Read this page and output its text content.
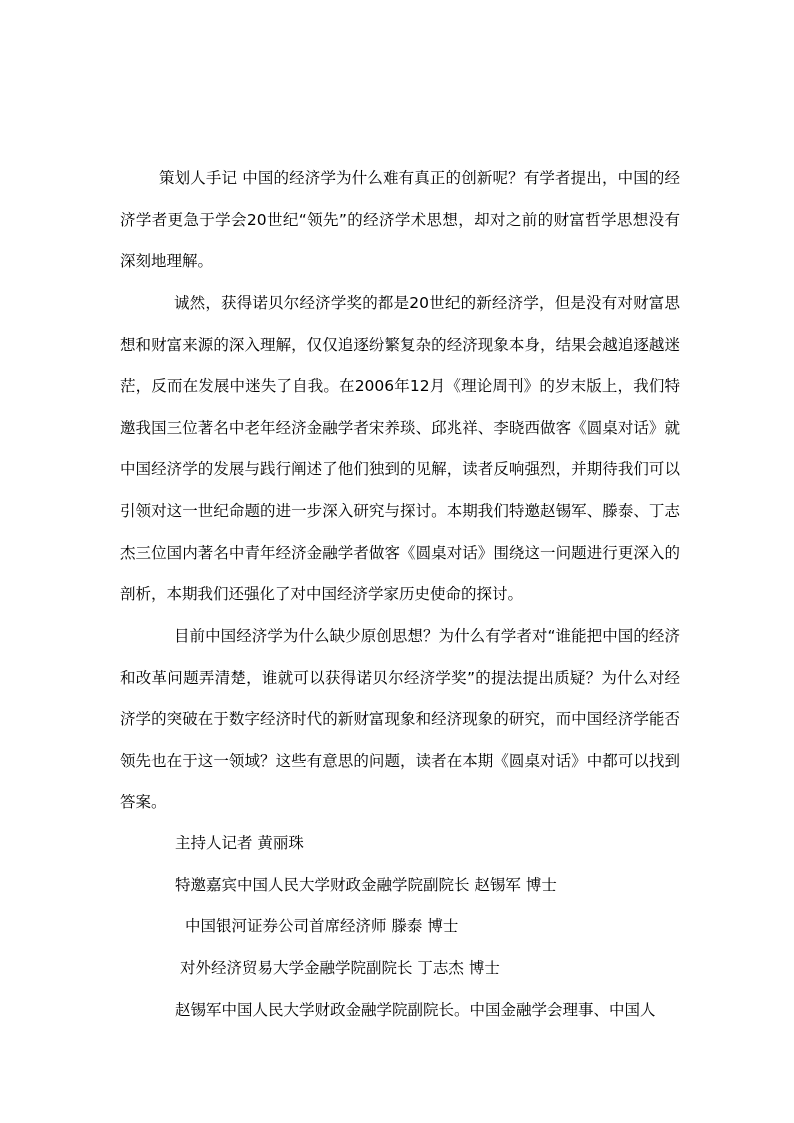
策划人手记 中国的经济学为什么难有真正的创新呢？有学者提出，中国的经济学者更急于学会20世纪“领先”的经济学术思想，却对之前的财富哲学思想没有深刻地理解。

诚然，获得诺贝尔经济学奖的都是20世纪的新经济学，但是没有对财富思想和财富来源的深入理解，仅仅追逐纷繁复杂的经济现象本身，结果会越追逐越迷茫，反而在发展中迷失了自我。在2006年12月《理论周刊》的岁末版上，我们特邀我国三位著名中老年经济金融学者宋养琰、邱兆祥、李晓西做客《圆桌对话》就中国经济学的发展与践行阐述了他们独到的见解，读者反响强烈，并期待我们可以引领对这一世纪命题的进一步深入研究与探讨。本期我们特邀赵锡军、滕泰、丁志杰三位国内著名中青年经济金融学者做客《圆桌对话》围绕这一问题进行更深入的剖析，本期我们还强化了对中国经济学家历史使命的探讨。

目前中国经济学为什么缺少原创思想？为什么有学者对“谁能把中国的经济和改革问题弄清楚，谁就可以获得诺贝尔经济学奖”的提法提出质疑？为什么对经济学的突破在于数字经济时代的新财富现象和经济现象的研究，而中国经济学能否领先也在于这一领域？这些有意思的问题，读者在本期《圆桌对话》中都可以找到答案。

主持人记者 黄丽珠

特邀嘉宾中国人民大学财政金融学院副院长 赵锡军 博士

中国银河证券公司首席经济师 滕泰 博士

对外经济贸易大学金融学院副院长 丁志杰 博士

赵锡军中国人民大学财政金融学院副院长。中国金融学会理事、中国人
